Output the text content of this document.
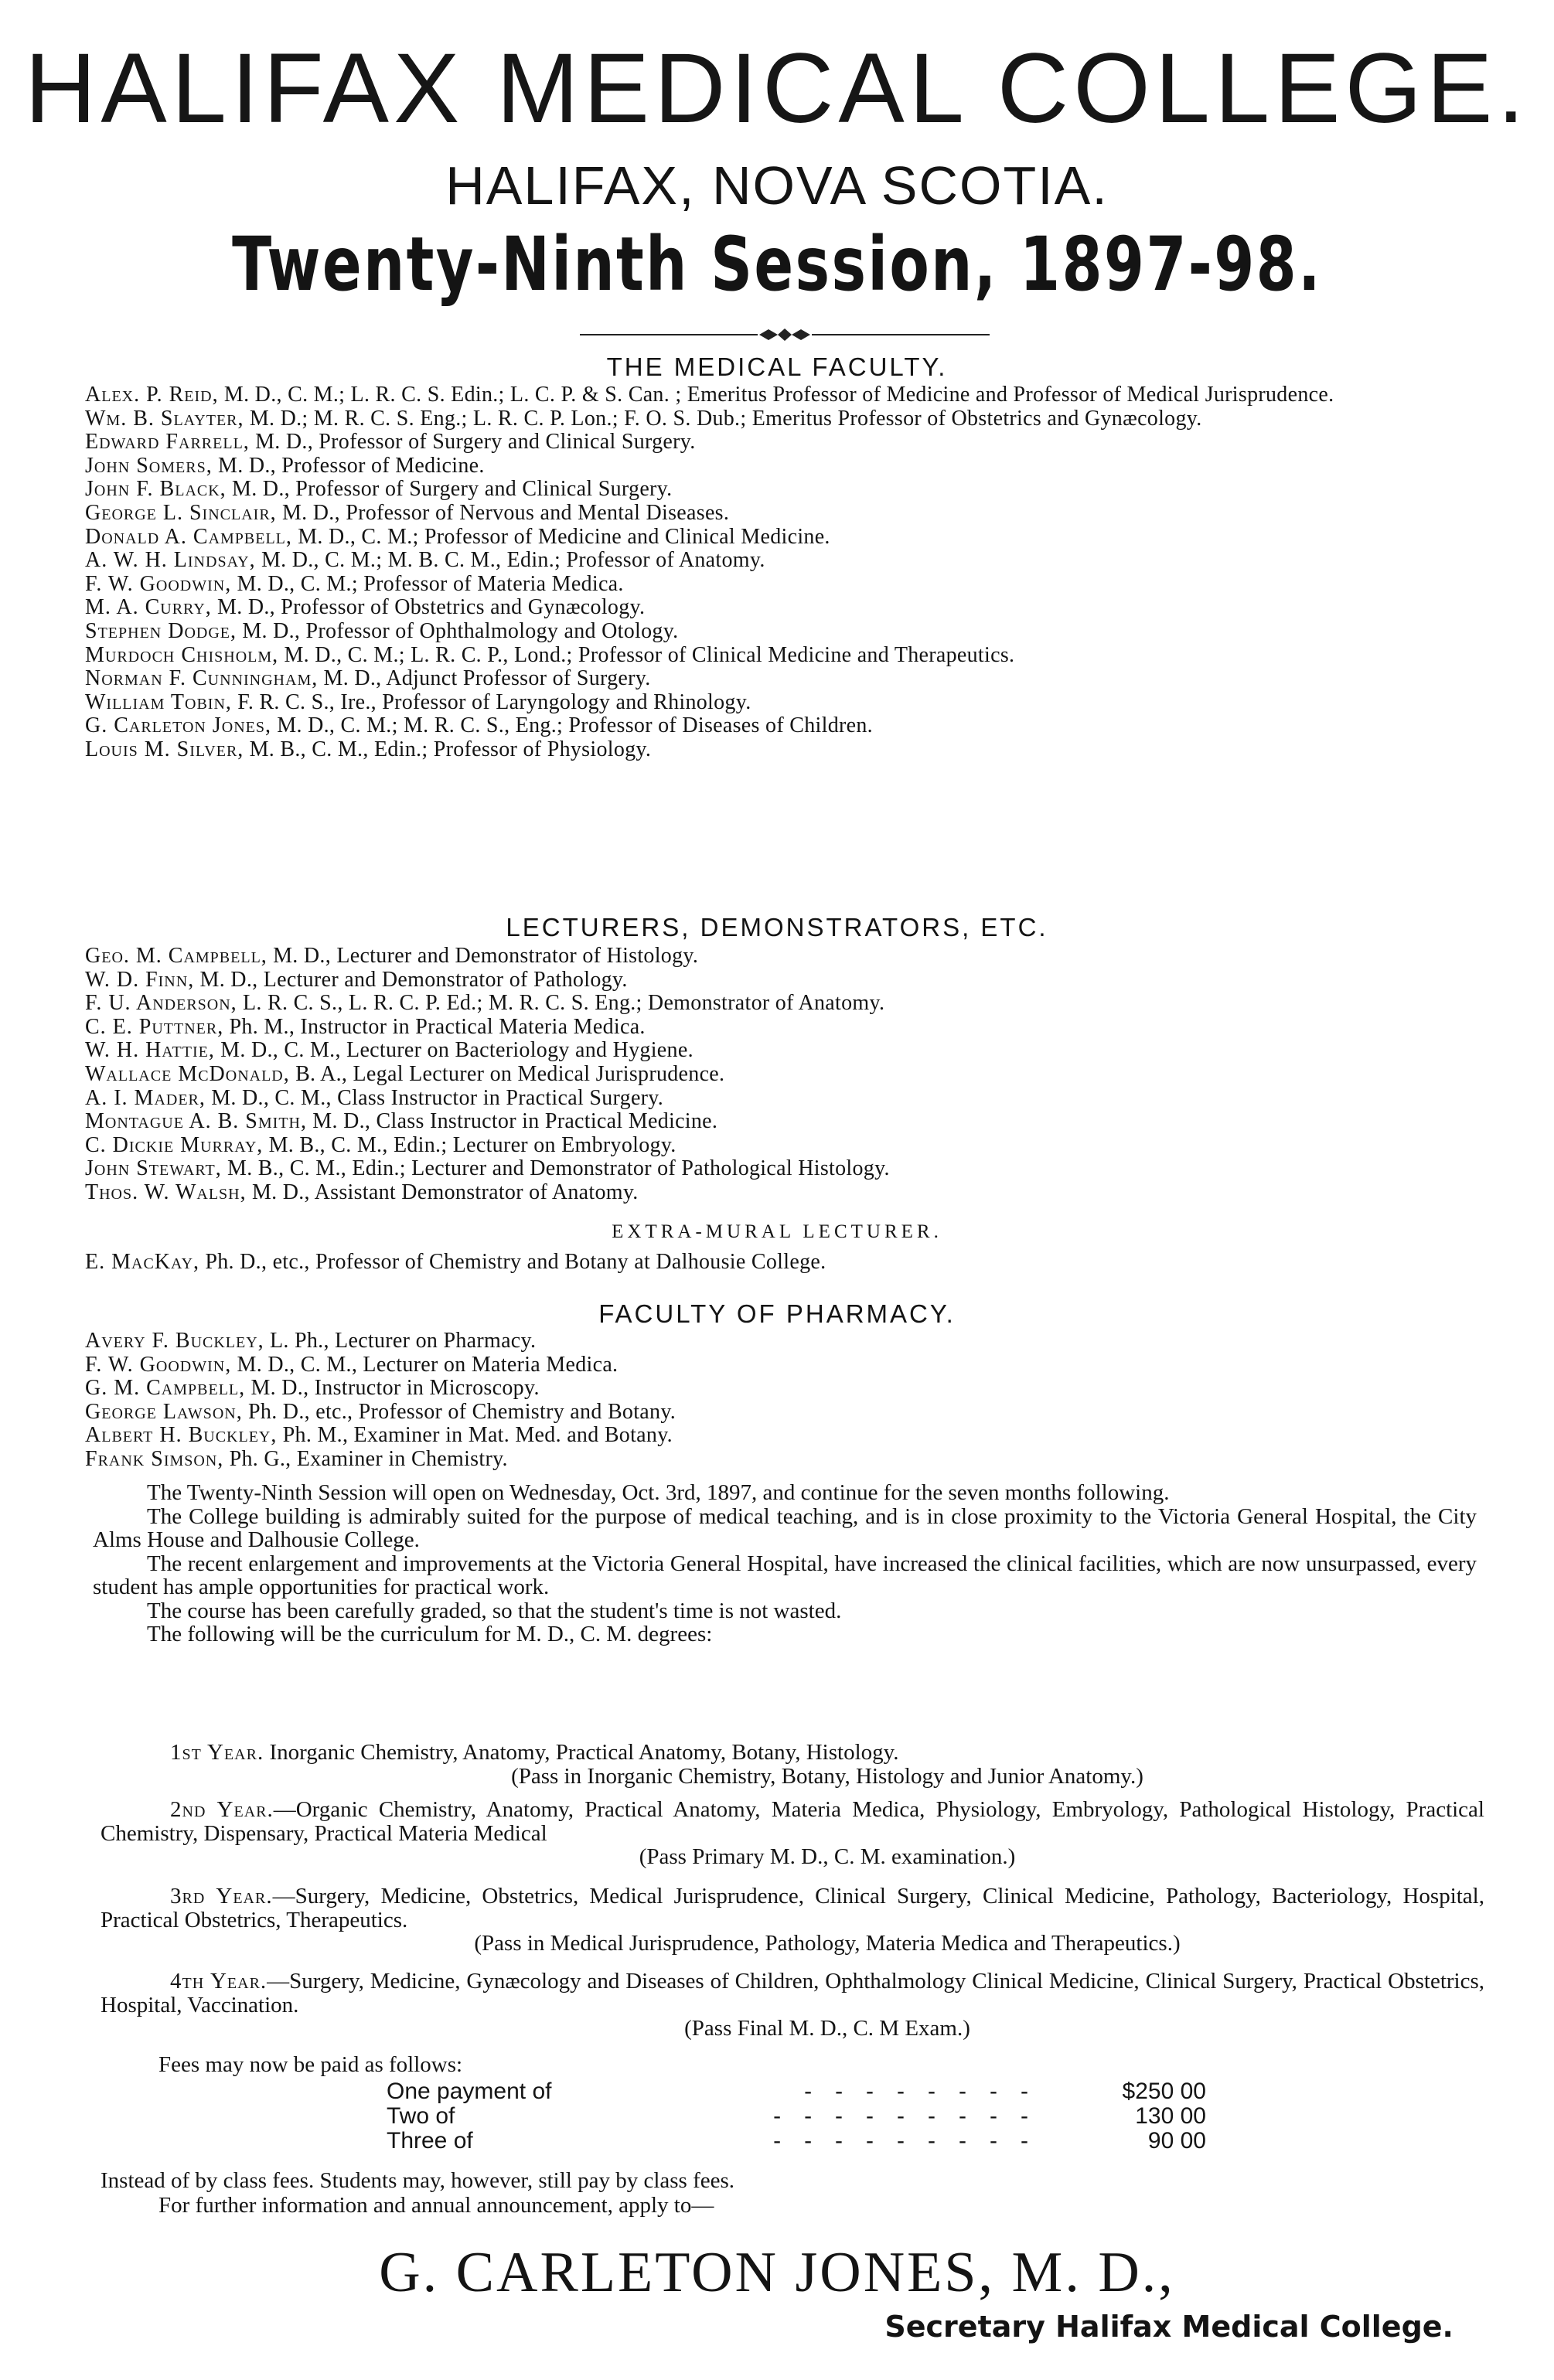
HALIFAX MEDICAL COLLEGE.
HALIFAX, NOVA SCOTIA.
Twenty-Ninth Session, 1897-98.
THE MEDICAL FACULTY.
Alex. P. Reid, M. D., C. M.; L. R. C. S. Edin.; L. C. P. & S. Can. ; Emeritus Professor of Medicine and Professor of Medical Jurisprudence.
Wm. B. Slayter, M. D.; M. R. C. S. Eng.; L. R. C. P. Lon.; F. O. S. Dub.; Emeritus Professor of Obstetrics and Gynæcology.
Edward Farrell, M. D., Professor of Surgery and Clinical Surgery.
John Somers, M. D., Professor of Medicine.
John F. Black, M. D., Professor of Surgery and Clinical Surgery.
George L. Sinclair, M. D., Professor of Nervous and Mental Diseases.
Donald A. Campbell, M. D., C. M.; Professor of Medicine and Clinical Medicine.
A. W. H. Lindsay, M. D., C. M.; M. B. C. M., Edin.; Professor of Anatomy.
F. W. Goodwin, M. D., C. M.; Professor of Materia Medica.
M. A. Curry, M. D., Professor of Obstetrics and Gynæcology.
Stephen Dodge, M. D., Professor of Ophthalmology and Otology.
Murdoch Chisholm, M. D., C. M.; L. R. C. P., Lond.; Professor of Clinical Medicine and Therapeutics.
Norman F. Cunningham, M. D., Adjunct Professor of Surgery.
William Tobin, F. R. C. S., Ire., Professor of Laryngology and Rhinology.
G. Carleton Jones, M. D., C. M.; M. R. C. S., Eng.; Professor of Diseases of Children.
Louis M. Silver, M. B., C. M., Edin.; Professor of Physiology.
LECTURERS, DEMONSTRATORS, ETC.
Geo. M. Campbell, M. D., Lecturer and Demonstrator of Histology.
W. D. Finn, M. D., Lecturer and Demonstrator of Pathology.
F. U. Anderson, L. R. C. S., L. R. C. P. Ed.; M. R. C. S. Eng.; Demonstrator of Anatomy.
C. E. Puttner, Ph. M., Instructor in Practical Materia Medica.
W. H. Hattie, M. D., C. M., Lecturer on Bacteriology and Hygiene.
Wallace McDonald, B. A., Legal Lecturer on Medical Jurisprudence.
A. I. Mader, M. D., C. M., Class Instructor in Practical Surgery.
Montague A. B. Smith, M. D., Class Instructor in Practical Medicine.
C. Dickie Murray, M. B., C. M., Edin.; Lecturer on Embryology.
John Stewart, M. B., C. M., Edin.; Lecturer and Demonstrator of Pathological Histology.
Thos. W. Walsh, M. D., Assistant Demonstrator of Anatomy.
EXTRA-MURAL LECTURER.
E. MacKay, Ph. D., etc., Professor of Chemistry and Botany at Dalhousie College.
FACULTY OF PHARMACY.
Avery F. Buckley, L. Ph., Lecturer on Pharmacy.
F. W. Goodwin, M. D., C. M., Lecturer on Materia Medica.
G. M. Campbell, M. D., Instructor in Microscopy.
George Lawson, Ph. D., etc., Professor of Chemistry and Botany.
Albert H. Buckley, Ph. M., Examiner in Mat. Med. and Botany.
Frank Simson, Ph. G., Examiner in Chemistry.

The Twenty-Ninth Session will open on Wednesday, Oct. 3rd, 1897, and continue for the seven months following.

The College building is admirably suited for the purpose of medical teaching, and is in close proximity to the Victoria General Hospital, the City Alms House and Dalhousie College.

The recent enlargement and improvements at the Victoria General Hospital, have increased the clinical facilities, which are now unsurpassed, every student has ample opportunities for practical work.

The course has been carefully graded, so that the student's time is not wasted.

The following will be the curriculum for M. D., C. M. degrees:

1st Year. Inorganic Chemistry, Anatomy, Practical Anatomy, Botany, Histology.

(Pass in Inorganic Chemistry, Botany, Histology and Junior Anatomy.)

2nd Year.—Organic Chemistry, Anatomy, Practical Anatomy, Materia Medica, Physiology, Embryology, Pathological Histology, Practical Chemistry, Dispensary, Practical Materia Medical

(Pass Primary M. D., C. M. examination.)

3rd Year.—Surgery, Medicine, Obstetrics, Medical Jurisprudence, Clinical Surgery, Clinical Medicine, Pathology, Bacteriology, Hospital, Practical Obstetrics, Therapeutics.

(Pass in Medical Jurisprudence, Pathology, Materia Medica and Therapeutics.)

4th Year.—Surgery, Medicine, Gynæcology and Diseases of Children, Ophthalmology Clinical Medicine, Clinical Surgery, Practical Obstetrics, Hospital, Vaccination.

(Pass Final M. D., C. M Exam.)

Fees may now be paid as follows:
One payment of	--------	$250 00
Two of	---------	130 00
Three of	---------	90 00

Instead of by class fees. Students may, however, still pay by class fees.

For further information and annual announcement, apply to—

G. CARLETON JONES, M. D.,
Secretary Halifax Medical College.
